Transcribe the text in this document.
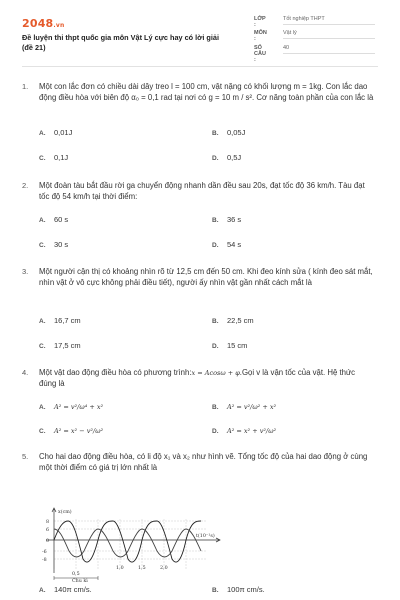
2048.vn
Đề luyện thi thpt quốc gia môn Vật Lý cực hay có lời giải (đề 21)
LỚP :
Tốt nghiệp THPT
MÔN :
Vật lý
SỐ CÂU :
40
1. Một con lắc đơn có chiều dài dây treo l = 100 cm, vật nặng có khối lượng m = 1kg. Con lắc dao động điều hòa với biên độ α₀ = 0,1 rad tại nơi có g = 10 m / s². Cơ năng toàn phần của con lắc là
A. 0,01J	B. 0,05J
C. 0,1J	D. 0,5J
2. Một đoàn tàu bắt đầu rời ga chuyển động nhanh dần đều sau 20s, đạt tốc độ 36 km/h. Tàu đạt tốc độ 54 km/h tại thời điểm:
A. 60 s	B. 36 s
C. 30 s	D. 54 s
3. Một người cận thị có khoảng nhìn rõ từ 12,5 cm đến 50 cm. Khi đeo kính sửa ( kính đeo sát mắt, nhìn vật ở vô cực không phải điều tiết), người ấy nhìn vật gần nhất cách mắt là
A. 16,7 cm	B. 22,5 cm
C. 17,5 cm	D. 15 cm
4. Một vật dao động điều hòa có phương trình:x = Acosω + φ.Gọi v là vận tốc của vật. Hệ thức đúng là
A. A² = v²/ω⁴ + x²	B. A² = v²/ω² + x²
C. A² = x² − v²/ω²	D. A² = x² + v²/ω²
5. Cho hai dao động điều hòa, có li độ x₁ và x₂ như hình vẽ. Tổng tốc độ của hai dao động ở cùng một thời điểm có giá trị lớn nhất là
x(cm)
t(10⁻¹s)
8
6
0
-6
-8
0,5
1,0	1,5	2,0
Chu kì
A. 140π cm/s.	B. 100π cm/s.
